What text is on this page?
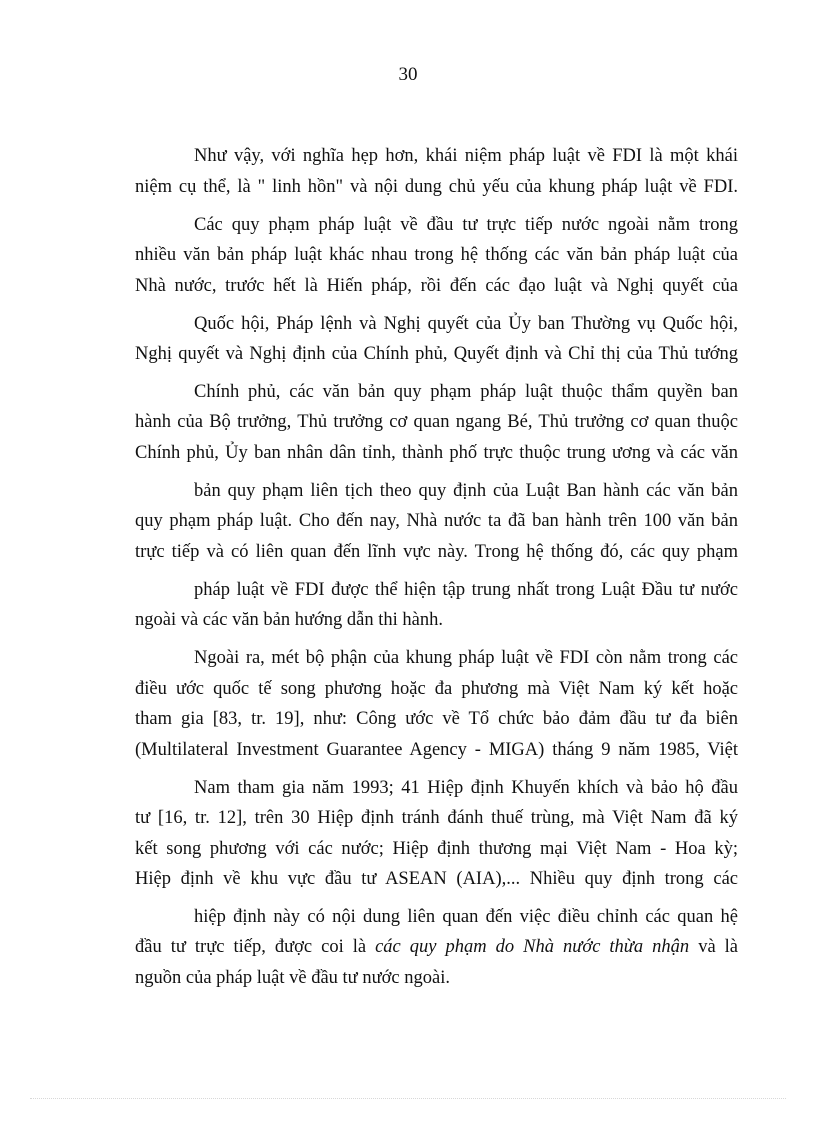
30
Như vậy, với nghĩa hẹp hơn, khái niệm pháp luật về FDI là một khái
niệm cụ thể, là " linh hồn" và nội dung chủ yếu của khung pháp luật về FDI.
Các quy phạm pháp luật về đầu tư trực tiếp nước ngoài nằm trong
nhiều văn bản pháp luật khác nhau trong hệ thống các văn bản pháp luật của
Nhà nước, trước hết là Hiến pháp, rồi đến các đạo luật và Nghị quyết của
Quốc hội, Pháp lệnh và Nghị quyết của Ủy ban Thường vụ Quốc hội,
Nghị quyết và Nghị định của Chính phủ, Quyết định và Chỉ thị của Thủ tướng
Chính phủ, các văn bản quy phạm pháp luật thuộc thẩm quyền ban
hành của Bộ trưởng, Thủ trưởng cơ quan ngang Bé, Thủ trưởng cơ quan thuộc
Chính phủ, Ủy ban nhân dân tỉnh, thành phố trực thuộc trung ương và các văn
bản quy phạm liên tịch theo quy định của Luật Ban hành các văn bản
quy phạm pháp luật. Cho đến nay, Nhà nước ta đã ban hành trên 100 văn bản
trực tiếp và có liên quan đến lĩnh vực này. Trong hệ thống đó, các quy phạm
pháp luật về FDI được thể hiện tập trung nhất trong Luật Đầu tư nước
ngoài và các văn bản hướng dẫn thi hành.
Ngoài ra, mét bộ phận của khung pháp luật về FDI còn nằm trong các
điều ước quốc tế song phương hoặc đa phương mà Việt Nam ký kết hoặc
tham gia [83, tr. 19], như: Công ước về Tổ chức bảo đảm đầu tư đa biên
(Multilateral Investment Guarantee Agency - MIGA) tháng 9 năm 1985, Việt
Nam tham gia năm 1993; 41 Hiệp định Khuyến khích và bảo hộ đầu
tư [16, tr. 12], trên 30 Hiệp định tránh đánh thuế trùng, mà Việt Nam đã ký
kết song phương với các nước; Hiệp định thương mại Việt Nam - Hoa kỳ;
Hiệp định về khu vực đầu tư ASEAN (AIA),... Nhiều quy định trong các
hiệp định này có nội dung liên quan đến việc điều chỉnh các quan hệ
đầu tư trực tiếp, được coi là các quy phạm do Nhà nước thừa nhận và là
nguồn của pháp luật về đầu tư nước ngoài.
